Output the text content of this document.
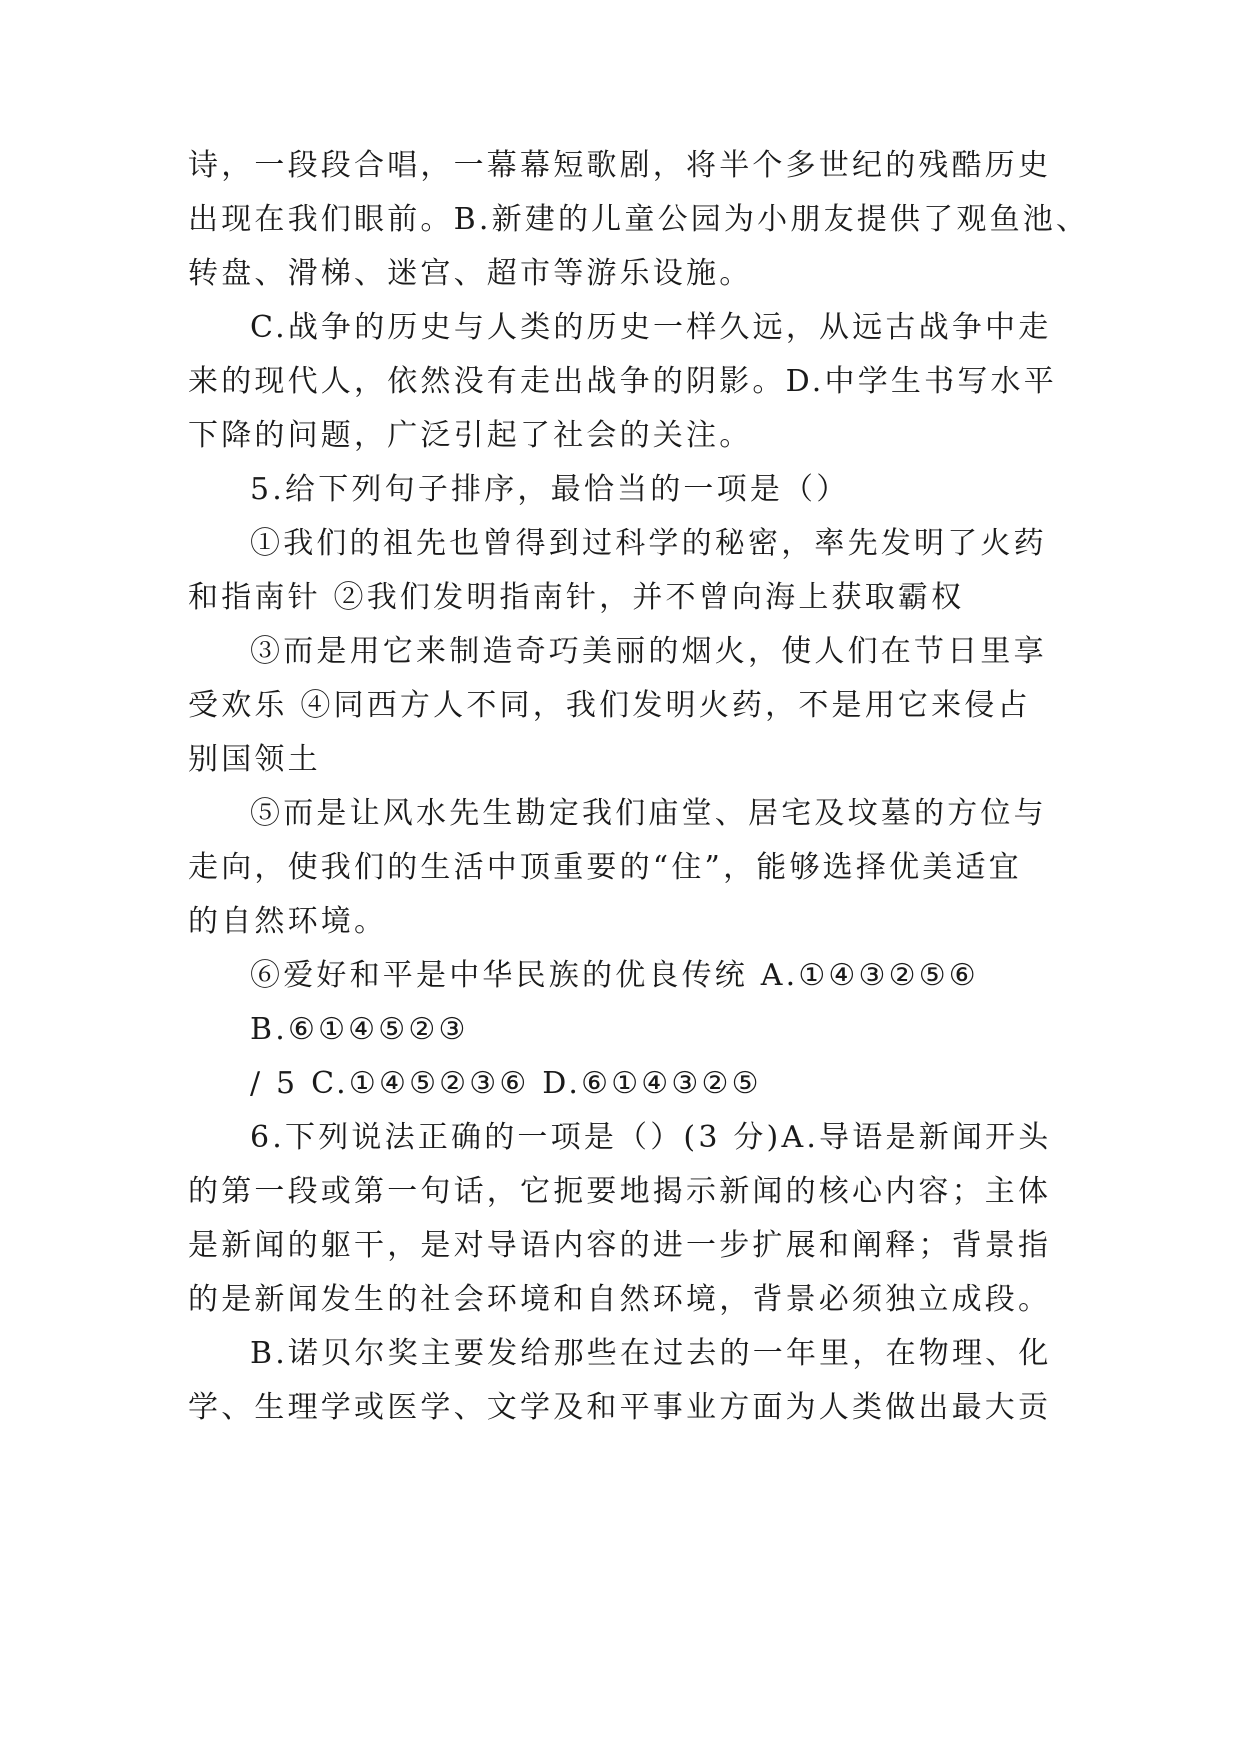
诗，一段段合唱，一幕幕短歌剧，将半个多世纪的残酷历史
出现在我们眼前。B.新建的儿童公园为小朋友提供了观鱼池、
转盘、滑梯、迷宫、超市等游乐设施。
C.战争的历史与人类的历史一样久远，从远古战争中走
来的现代人，依然没有走出战争的阴影。D.中学生书写水平
下降的问题，广泛引起了社会的关注。
5.给下列句子排序，最恰当的一项是（）
①我们的祖先也曾得到过科学的秘密，率先发明了火药
和指南针 ②我们发明指南针，并不曾向海上获取霸权
③而是用它来制造奇巧美丽的烟火，使人们在节日里享
受欢乐 ④同西方人不同，我们发明火药，不是用它来侵占
别国领土
⑤而是让风水先生勘定我们庙堂、居宅及坟墓的方位与
走向，使我们的生活中顶重要的“住”，能够选择优美适宜
的自然环境。
⑥爱好和平是中华民族的优良传统 A.①④③②⑤⑥
B.⑥①④⑤②③
/ 5 C.①④⑤②③⑥ D.⑥①④③②⑤
6.下列说法正确的一项是（）(3 分)A.导语是新闻开头
的第一段或第一句话，它扼要地揭示新闻的核心内容；主体
是新闻的躯干，是对导语内容的进一步扩展和阐释；背景指
的是新闻发生的社会环境和自然环境，背景必须独立成段。
B.诺贝尔奖主要发给那些在过去的一年里，在物理、化
学、生理学或医学、文学及和平事业方面为人类做出最大贡
